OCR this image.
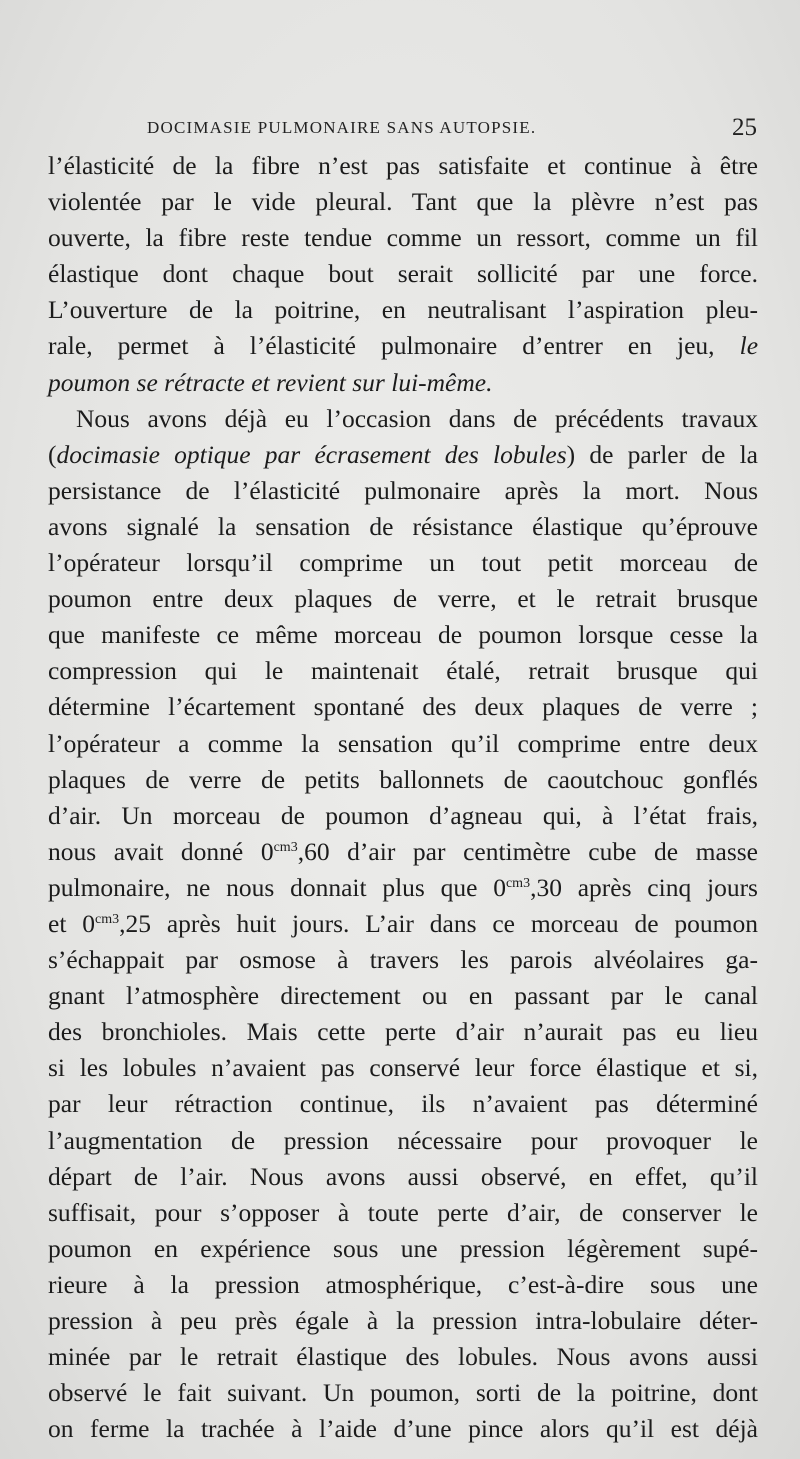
DOCIMASIE PULMONAIRE SANS AUTOPSIE.	25
l’élasticité de la fibre n’est pas satisfaite et continue à être
violentée par le vide pleural. Tant que la plèvre n’est pas
ouverte, la fibre reste tendue comme un ressort, comme un fil
élastique dont chaque bout serait sollicité par une force.
L’ouverture de la poitrine, en neutralisant l’aspiration pleu-
rale, permet à l’élasticité pulmonaire d’entrer en jeu, le
poumon se rétracte et revient sur lui-même.
Nous avons déjà eu l’occasion dans de précédents travaux
(docimasie optique par écrasement des lobules) de parler de la
persistance de l’élasticité pulmonaire après la mort. Nous
avons signalé la sensation de résistance élastique qu’éprouve
l’opérateur lorsqu’il comprime un tout petit morceau de
poumon entre deux plaques de verre, et le retrait brusque
que manifeste ce même morceau de poumon lorsque cesse la
compression qui le maintenait étalé, retrait brusque qui
détermine l’écartement spontané des deux plaques de verre ;
l’opérateur a comme la sensation qu’il comprime entre deux
plaques de verre de petits ballonnets de caoutchouc gonflés
d’air. Un morceau de poumon d’agneau qui, à l’état frais,
nous avait donné $0^{cm3},60$ d’air par centimètre cube de masse
pulmonaire, ne nous donnait plus que $0^{cm3},30$ après cinq jours
et $0^{cm3},25$ après huit jours. L’air dans ce morceau de poumon
s’échappait par osmose à travers les parois alvéolaires ga-
gnant l’atmosphère directement ou en passant par le canal
des bronchioles. Mais cette perte d’air n’aurait pas eu lieu
si les lobules n’avaient pas conservé leur force élastique et si,
par leur rétraction continue, ils n’avaient pas déterminé
l’augmentation de pression nécessaire pour provoquer le
départ de l’air. Nous avons aussi observé, en effet, qu’il
suffisait, pour s’opposer à toute perte d’air, de conserver le
poumon en expérience sous une pression légèrement supé-
rieure à la pression atmosphérique, c’est-à-dire sous une
pression à peu près égale à la pression intra-lobulaire déter-
minée par le retrait élastique des lobules. Nous avons aussi
observé le fait suivant. Un poumon, sorti de la poitrine, dont
on ferme la trachée à l’aide d’une pince alors qu’il est déjà
